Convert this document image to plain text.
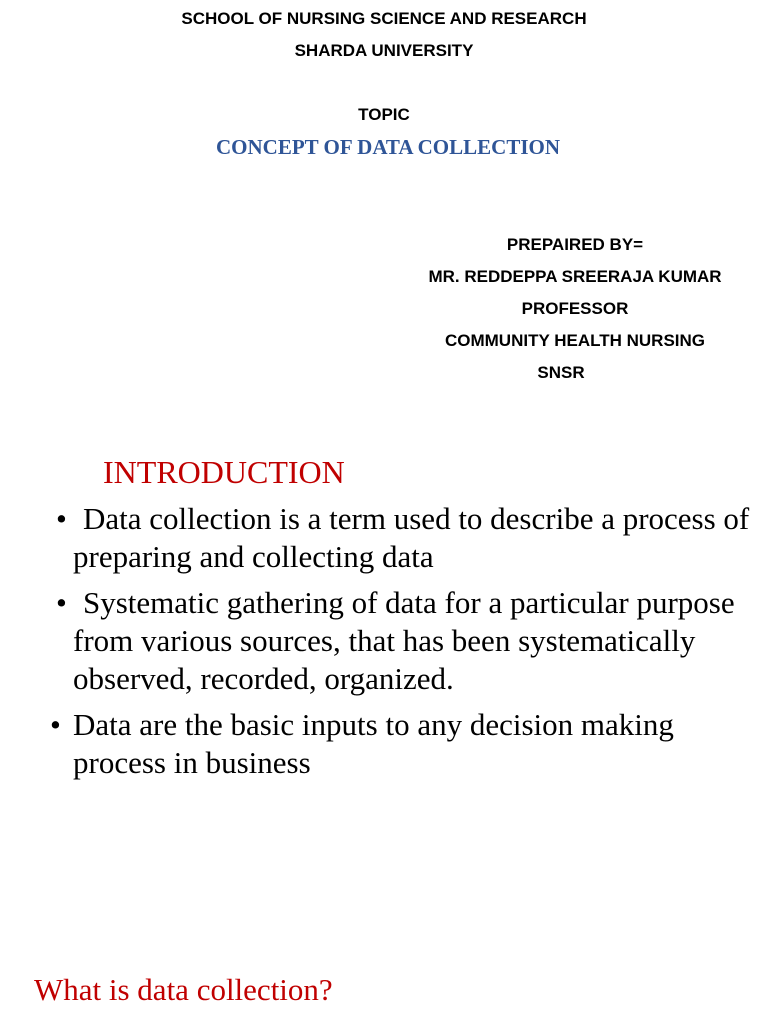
SCHOOL OF NURSING SCIENCE AND RESEARCH
SHARDA UNIVERSITY
TOPIC
CONCEPT OF DATA COLLECTION
PREPAIRED BY=
MR. REDDEPPA SREERAJA KUMAR
PROFESSOR
COMMUNITY HEALTH NURSING
SNSR
INTRODUCTION
• Data collection is a term used to describe a process of preparing and collecting data
• Systematic gathering of data for a particular purpose from various sources, that has been systematically observed, recorded, organized.
• Data are the basic inputs to any decision making process in business
What is data collection?
